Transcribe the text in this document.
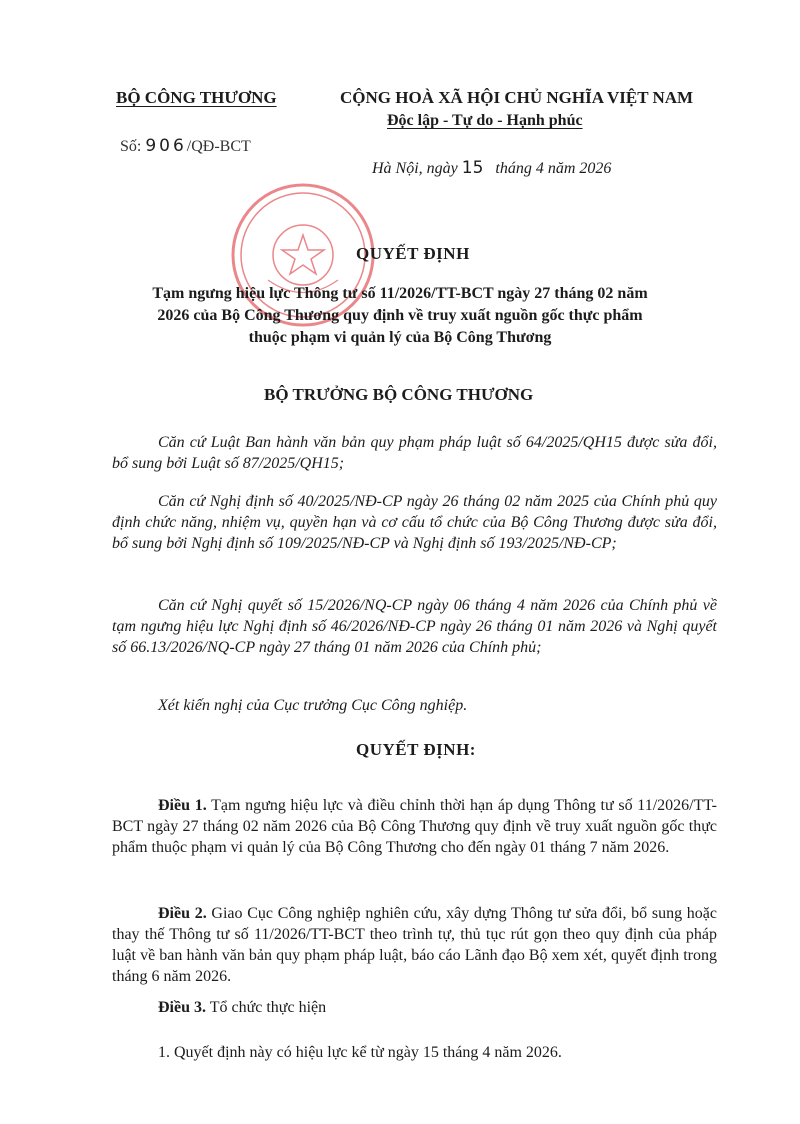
BỘ CÔNG THƯƠNG
Số: 906/QĐ-BCT
CỘNG HOÀ XÃ HỘI CHỦ NGHĨA VIỆT NAM
Độc lập - Tự do - Hạnh phúc
Hà Nội, ngày 15 tháng 4 năm 2026
QUYẾT ĐỊNH
Tạm ngưng hiệu lực Thông tư số 11/2026/TT-BCT ngày 27 tháng 02 năm
2026 của Bộ Công Thương quy định về truy xuất nguồn gốc thực phẩm
thuộc phạm vi quản lý của Bộ Công Thương
BỘ TRƯỞNG BỘ CÔNG THƯƠNG
Căn cứ Luật Ban hành văn bản quy phạm pháp luật số 64/2025/QH15 được sửa đổi, bổ sung bởi Luật số 87/2025/QH15;
Căn cứ Nghị định số 40/2025/NĐ-CP ngày 26 tháng 02 năm 2025 của Chính phủ quy định chức năng, nhiệm vụ, quyền hạn và cơ cấu tổ chức của Bộ Công Thương được sửa đổi, bổ sung bởi Nghị định số 109/2025/NĐ-CP và Nghị định số 193/2025/NĐ-CP;
Căn cứ Nghị quyết số 15/2026/NQ-CP ngày 06 tháng 4 năm 2026 của Chính phủ về tạm ngưng hiệu lực Nghị định số 46/2026/NĐ-CP ngày 26 tháng 01 năm 2026 và Nghị quyết số 66.13/2026/NQ-CP ngày 27 tháng 01 năm 2026 của Chính phủ;
Xét kiến nghị của Cục trưởng Cục Công nghiệp.
QUYẾT ĐỊNH:
Điều 1. Tạm ngưng hiệu lực và điều chỉnh thời hạn áp dụng Thông tư số 11/2026/TT-BCT ngày 27 tháng 02 năm 2026 của Bộ Công Thương quy định về truy xuất nguồn gốc thực phẩm thuộc phạm vi quản lý của Bộ Công Thương cho đến ngày 01 tháng 7 năm 2026.
Điều 2. Giao Cục Công nghiệp nghiên cứu, xây dựng Thông tư sửa đổi, bổ sung hoặc thay thế Thông tư số 11/2026/TT-BCT theo trình tự, thủ tục rút gọn theo quy định của pháp luật về ban hành văn bản quy phạm pháp luật, báo cáo Lãnh đạo Bộ xem xét, quyết định trong tháng 6 năm 2026.
Điều 3. Tổ chức thực hiện
1. Quyết định này có hiệu lực kể từ ngày 15 tháng 4 năm 2026.
